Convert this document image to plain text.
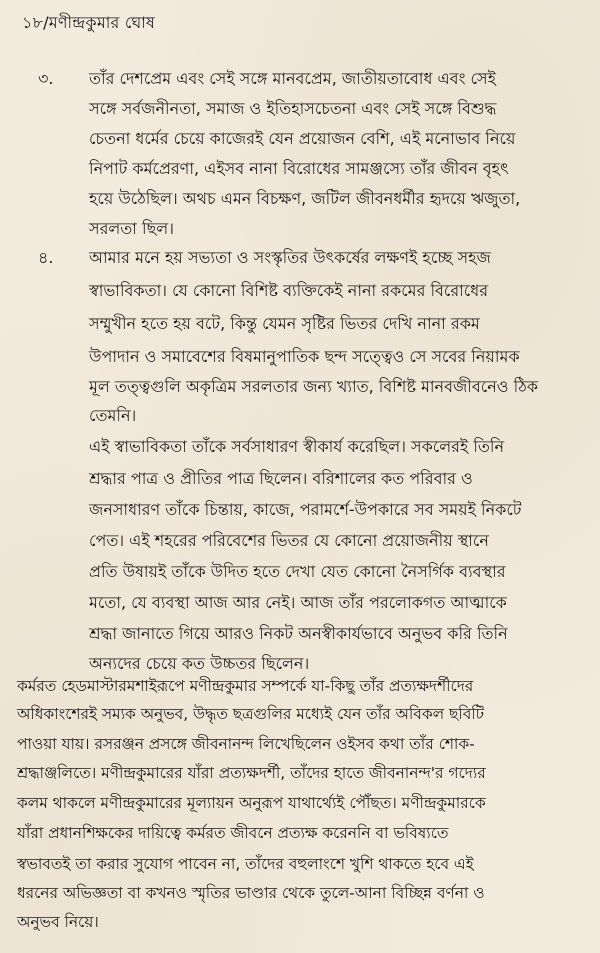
১৮/মণীন্দ্রকুমার ঘোষ
৩. তাঁর দেশপ্রেম এবং সেই সঙ্গে মানবপ্রেম, জাতীয়তাবোধ এবং সেই
সঙ্গে সর্বজনীনতা, সমাজ ও ইতিহাসচেতনা এবং সেই সঙ্গে বিশুদ্ধ
চেতনা ধর্মের চেয়ে কাজেরই যেন প্রয়োজন বেশি, এই মনোভাব নিয়ে
নিপাট কর্মপ্রেরণা, এইসব নানা বিরোধের সামঞ্জস্যে তাঁর জীবন বৃহৎ
হয়ে উঠেছিল। অথচ এমন বিচক্ষণ, জটিল জীবনধর্মীর হৃদয়ে ঋজুতা,
সরলতা ছিল।
৪. আমার মনে হয় সভ্যতা ও সংস্কৃতির উৎকর্ষের লক্ষণই হচ্ছে সহজ
স্বাভাবিকতা। যে কোনো বিশিষ্ট ব্যক্তিকেই নানা রকমের বিরোধের
সম্মুখীন হতে হয় বটে, কিন্তু যেমন সৃষ্টির ভিতর দেখি নানা রকম
উপাদান ও সমাবেশের বিষমানুপাতিক ছন্দ সত্ত্বেও সে সবের নিয়ামক
মূল তত্ত্বগুলি অকৃত্রিম সরলতার জন্য খ্যাত, বিশিষ্ট মানবজীবনেও ঠিক
তেমনি।
এই স্বাভাবিকতা তাঁকে সর্বসাধারণ স্বীকার্য করেছিল। সকলেরই তিনি
শ্রদ্ধার পাত্র ও প্রীতির পাত্র ছিলেন। বরিশালের কত পরিবার ও
জনসাধারণ তাঁকে চিন্তায়, কাজে, পরামর্শে-উপকারে সব সময়ই নিকটে
পেত। এই শহরের পরিবেশের ভিতর যে কোনো প্রয়োজনীয় স্থানে
প্রতি উষায়ই তাঁকে উদিত হতে দেখা যেত কোনো নৈসর্গিক ব্যবস্থার
মতো, যে ব্যবস্থা আজ আর নেই। আজ তাঁর পরলোকগত আত্মাকে
শ্রদ্ধা জানাতে গিয়ে আরও নিকট অনস্বীকার্যভাবে অনুভব করি তিনি
অন্যদের চেয়ে কত উচ্চতর ছিলেন।
কর্মরত হেডমাস্টারমশাইরূপে মণীন্দ্রকুমার সম্পর্কে যা-কিছু তাঁর প্রত্যক্ষদর্শীদের
অধিকাংশেরই সম্যক অনুভব, উদ্ধৃত ছত্রগুলির মধ্যেই যেন তাঁর অবিকল ছবিটি
পাওয়া যায়। রসরঞ্জন প্রসঙ্গে জীবনানন্দ লিখেছিলেন ওইসব কথা তাঁর শোক-
শ্রদ্ধাঞ্জলিতে। মণীন্দ্রকুমারের যাঁরা প্রত্যক্ষদর্শী, তাঁদের হাতে জীবনানন্দ'র গদ্যের
কলম থাকলে মণীন্দ্রকুমারের মূল্যায়ন অনুরূপ যাথার্থ্যেই পৌঁছত। মণীন্দ্রকুমারকে
যাঁরা প্রধানশিক্ষকের দায়িত্বে কর্মরত জীবনে প্রত্যক্ষ করেননি বা ভবিষ্যতে
স্বভাবতই তা করার সুযোগ পাবেন না, তাঁদের বহুলাংশে খুশি থাকতে হবে এই
ধরনের অভিজ্ঞতা বা কখনও স্মৃতির ভাণ্ডার থেকে তুলে-আনা বিচ্ছিন্ন বর্ণনা ও
অনুভব নিয়ে।
